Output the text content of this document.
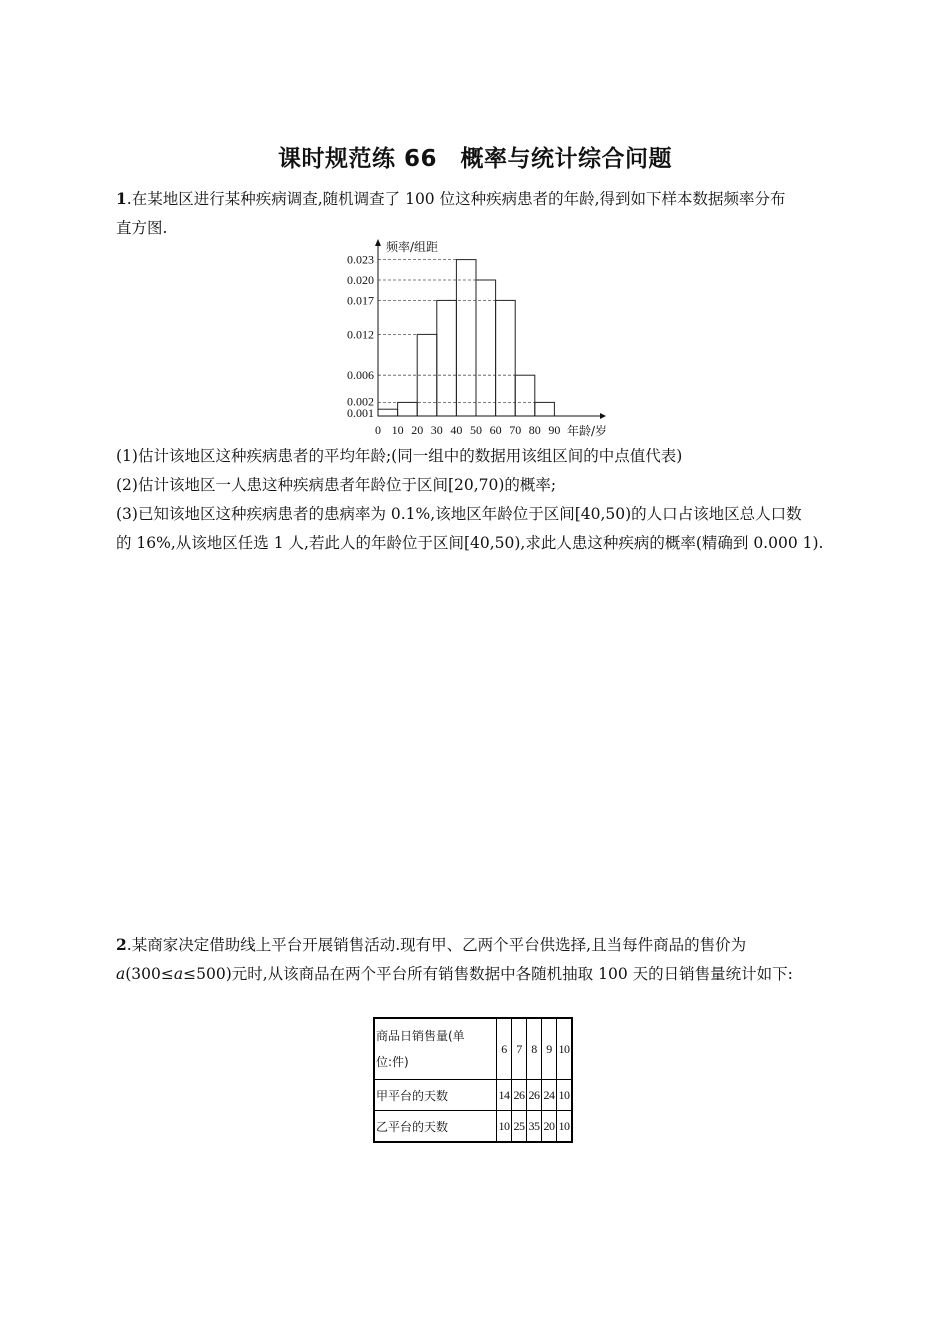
课时规范练 66　概率与统计综合问题
1.在某地区进行某种疾病调查,随机调查了 100 位这种疾病患者的年龄,得到如下样本数据频率分布
直方图.
频率/组距
年龄/岁
0.001
0.002
0.006
0.012
0.017
0.020
0.023
0 10 20 30 40 50 60 70 80 90
(1)估计该地区这种疾病患者的平均年龄;(同一组中的数据用该组区间的中点值代表)
(2)估计该地区一人患这种疾病患者年龄位于区间[20,70)的概率;
(3)已知该地区这种疾病患者的患病率为 0.1%,该地区年龄位于区间[40,50)的人口占该地区总人口数
的 16%,从该地区任选 1 人,若此人的年龄位于区间[40,50),求此人患这种疾病的概率(精确到 0.000 1).
2.某商家决定借助线上平台开展销售活动.现有甲、乙两个平台供选择,且当每件商品的售价为
a(300≤a≤500)元时,从该商品在两个平台所有销售数据中各随机抽取 100 天的日销售量统计如下:
商品日销售量(单
位:件)	6	7	8	9	10
甲平台的天数	14	26	26	24	10
乙平台的天数	10	25	35	20	10
